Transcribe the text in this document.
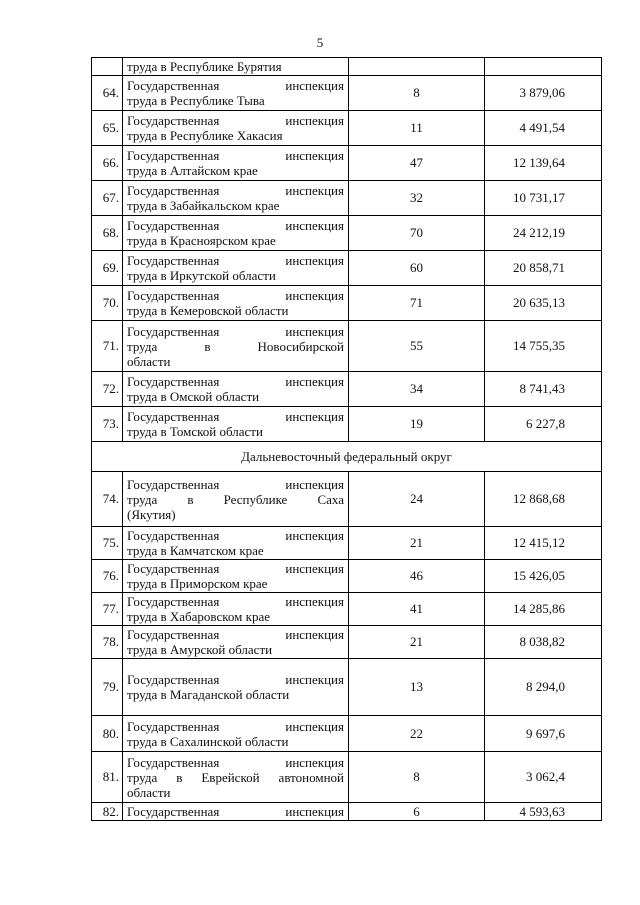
5

	труда в Республике Бурятия		

64.	Государственная инспекция
труда в Республике Тыва	8	3 879,06
65.	Государственная инспекция
труда в Республике Хакасия	11	4 491,54
66.	Государственная инспекция
труда в Алтайском крае	47	12 139,64
67.	Государственная инспекция
труда в Забайкальском крае	32	10 731,17
68.	Государственная инспекция
труда в Красноярском крае	70	24 212,19
69.	Государственная инспекция
труда в Иркутской области	60	20 858,71
70.	Государственная инспекция
труда в Кемеровской области	71	20 635,13
71.	Государственная инспекция
труда в Новосибирской
области	55	14 755,35
72.	Государственная инспекция
труда в Омской области	34	8 741,43
73.	Государственная инспекция
труда в Томской области	19	6 227,8
Дальневосточный федеральный округ			
74.	Государственная инспекция
труда в Республике Саха
(Якутия)	24	12 868,68
75.	Государственная инспекция
труда в Камчатском крае	21	12 415,12
76.	Государственная инспекция
труда в Приморском крае	46	15 426,05
77.	Государственная инспекция
труда в Хабаровском крае	41	14 285,86
78.	Государственная инспекция
труда в Амурской области	21	8 038,82
79.	Государственная инспекция
труда в Магаданской области	13	8 294,0
80.	Государственная инспекция
труда в Сахалинской области	22	9 697,6
81.	Государственная инспекция
труда в Еврейской автономной
области	8	3 062,4
82.	Государственная инспекция	6	4 593,63
